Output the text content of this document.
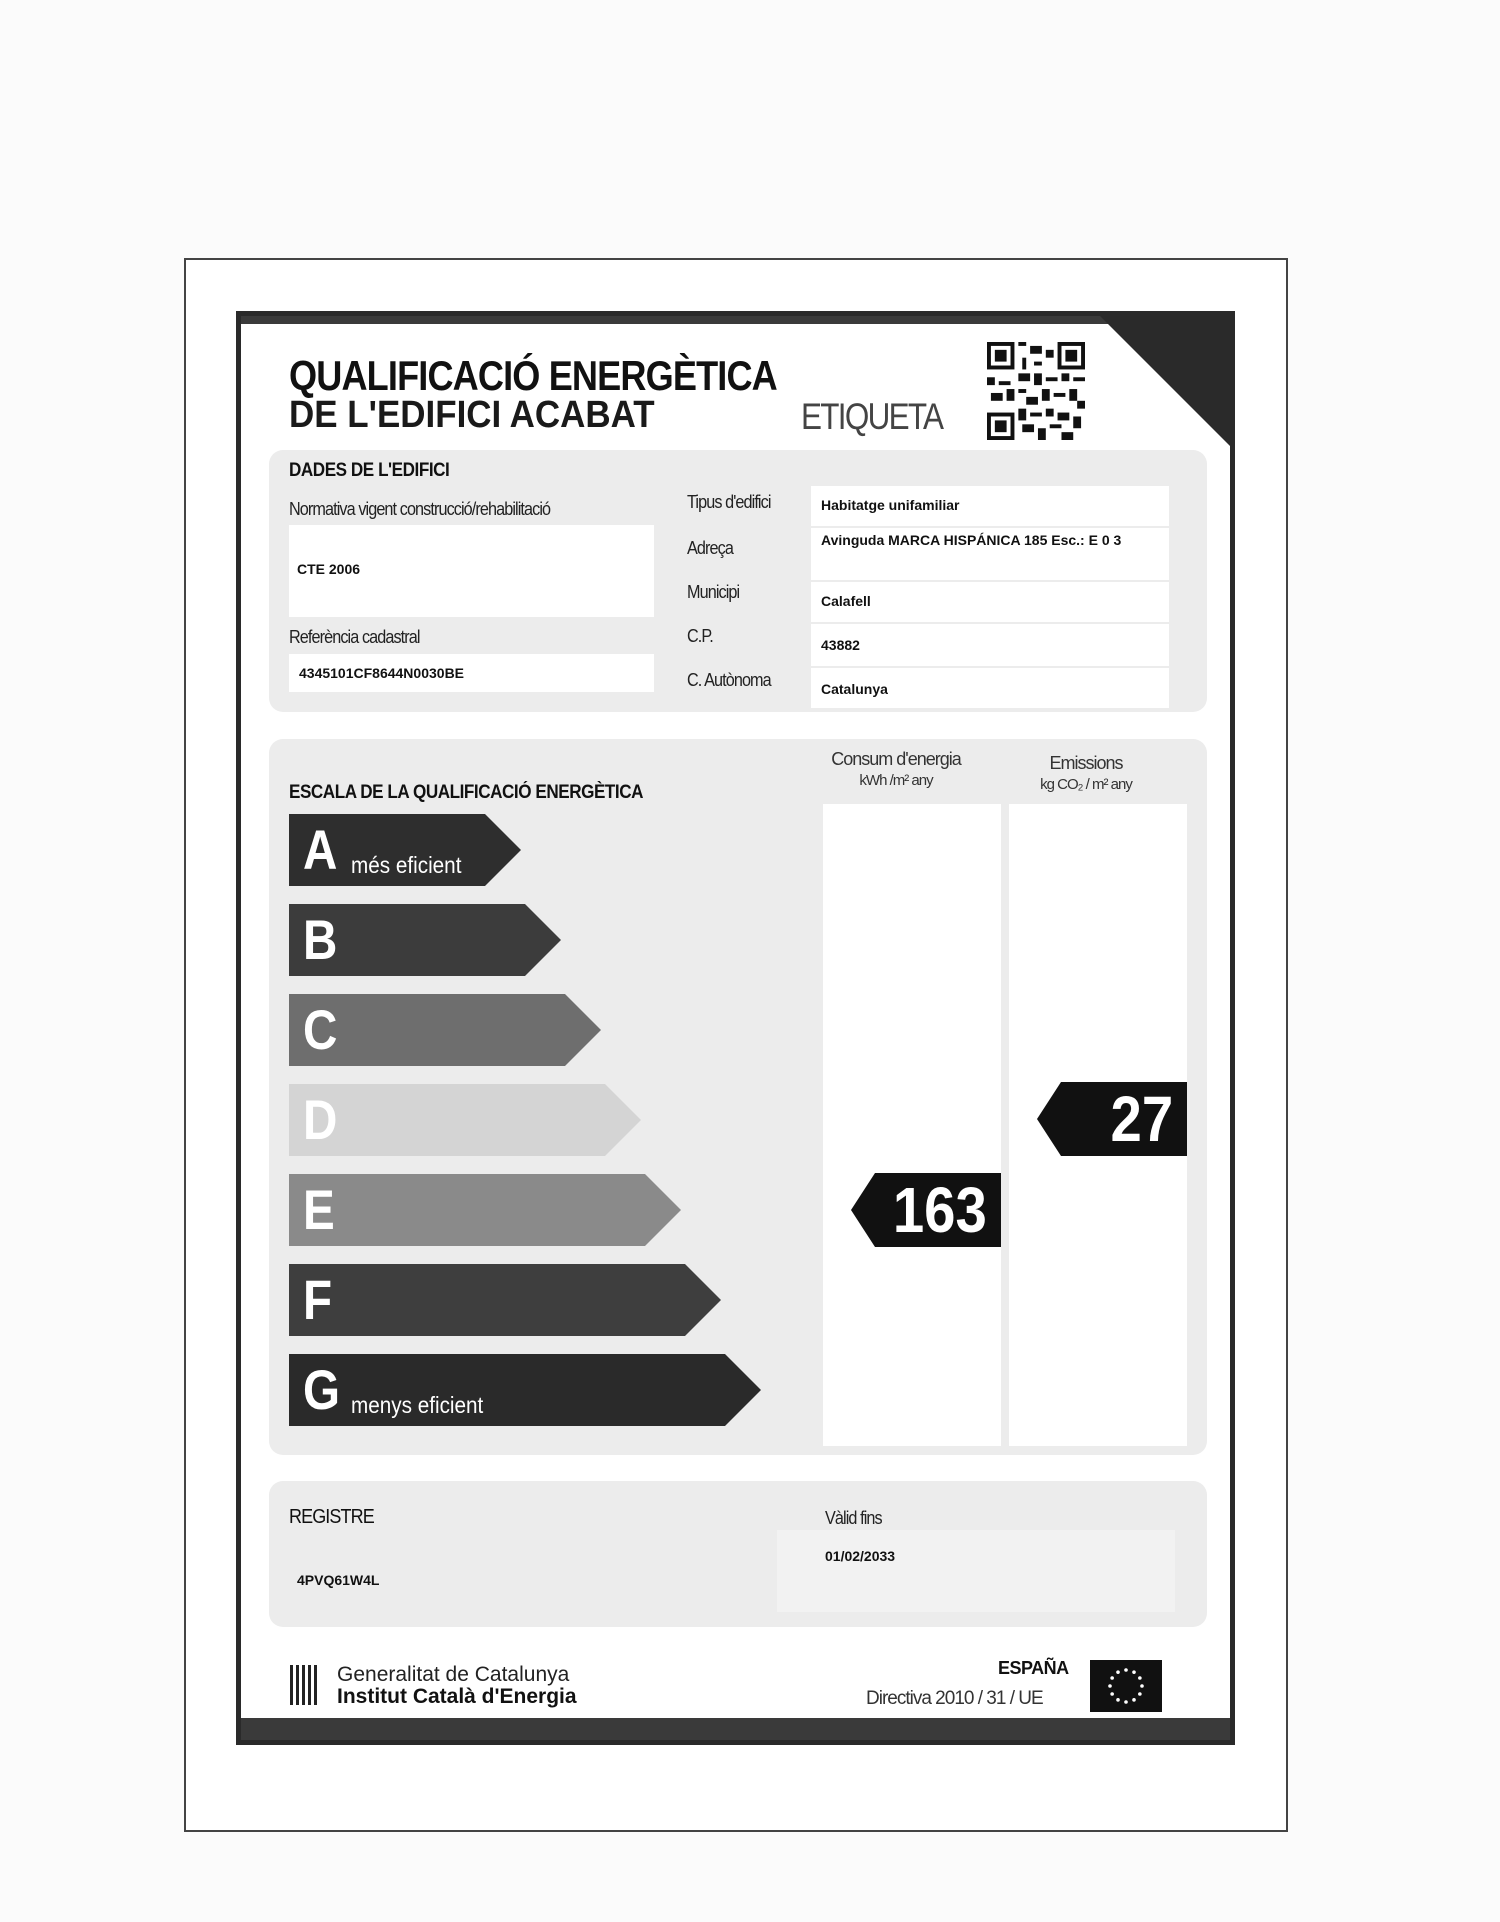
QUALIFICACIÓ ENERGÈTICA
DE L'EDIFICI ACABAT	ETIQUETA
DADES DE L'EDIFICI
Normativa vigent construcció/rehabilitació
CTE 2006
Referència cadastral
4345101CF8644N0030BE
Tipus d'edifici	Habitatge unifamiliar
Adreça	Avinguda MARCA HISPÁNICA 185 Esc.: E 0 3
Municipi	Calafell
C.P.	43882
C. Autònoma	Catalunya
ESCALA DE LA QUALIFICACIÓ ENERGÈTICA
Consum d'energia
kWh /m² any
Emissions
kg CO₂ / m² any
A més eficient
B
C
D
E
F
G menys eficient
163
27
REGISTRE
4PVQ61W4L
Vàlid fins
01/02/2033
Generalitat de Catalunya
Institut Català d'Energia
ESPAÑA
Directiva 2010 / 31 / UE
